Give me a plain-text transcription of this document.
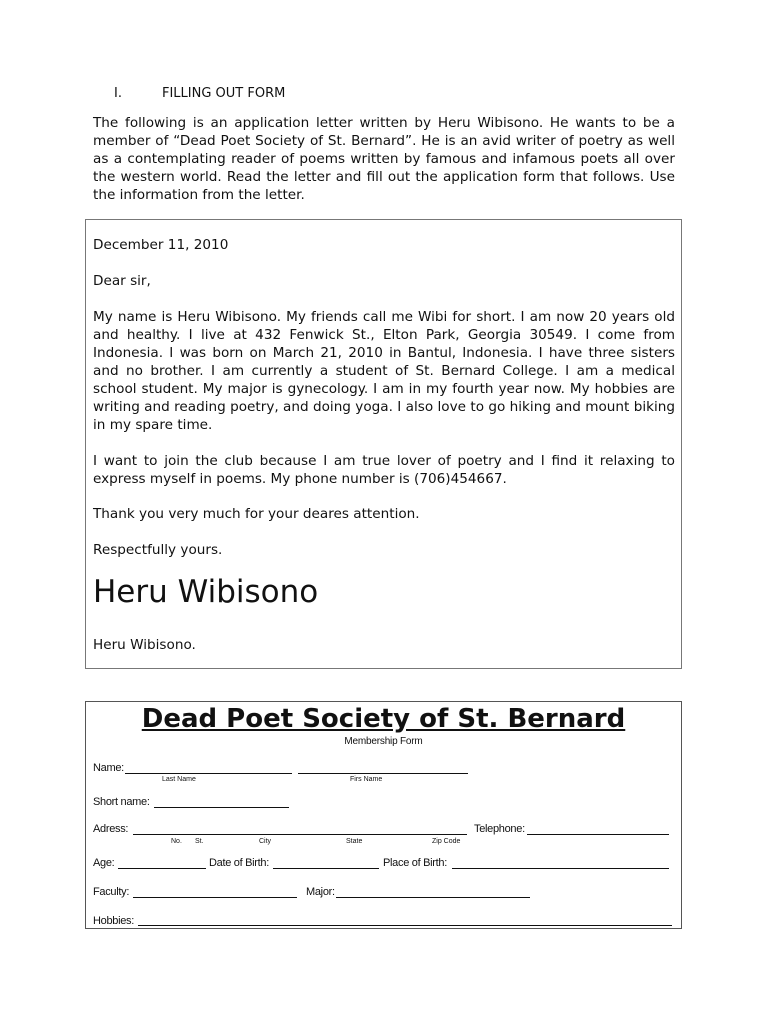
I.	FILLING OUT FORM

The following is an application letter written by Heru Wibisono. He wants to be a member of “Dead Poet Society of St. Bernard”. He is an avid writer of poetry as well as a contemplating reader of poems written by famous and infamous poets all over the western world. Read the letter and fill out the application form that follows. Use the information from the letter.

December 11, 2010

Dear sir,

My name is Heru Wibisono. My friends call me Wibi for short. I am now 20 years old and healthy. I live at 432 Fenwick St., Elton Park, Georgia 30549. I come from Indonesia. I was born on March 21, 2010 in Bantul, Indonesia. I have three sisters and no brother. I am currently a student of St. Bernard College. I am a medical school student. My major is gynecology. I am in my fourth year now. My hobbies are writing and reading poetry, and doing yoga. I also love to go hiking and mount biking in my spare time.

I want to join the club because I am true lover of poetry and I find it relaxing to express myself in poems. My phone number is (706)454667.

Thank you very much for your deares attention.

Respectfully yours.

Heru Wibisono

Heru Wibisono.

Dead Poet Society of St. Bernard
Membership Form
Name:
Last Name	Firs Name
Short name:
Adress:
No. St.	City	State	Zip Code
Telephone:
Age:	Date of Birth:	Place of Birth:
Faculty:	Major:
Hobbies:
